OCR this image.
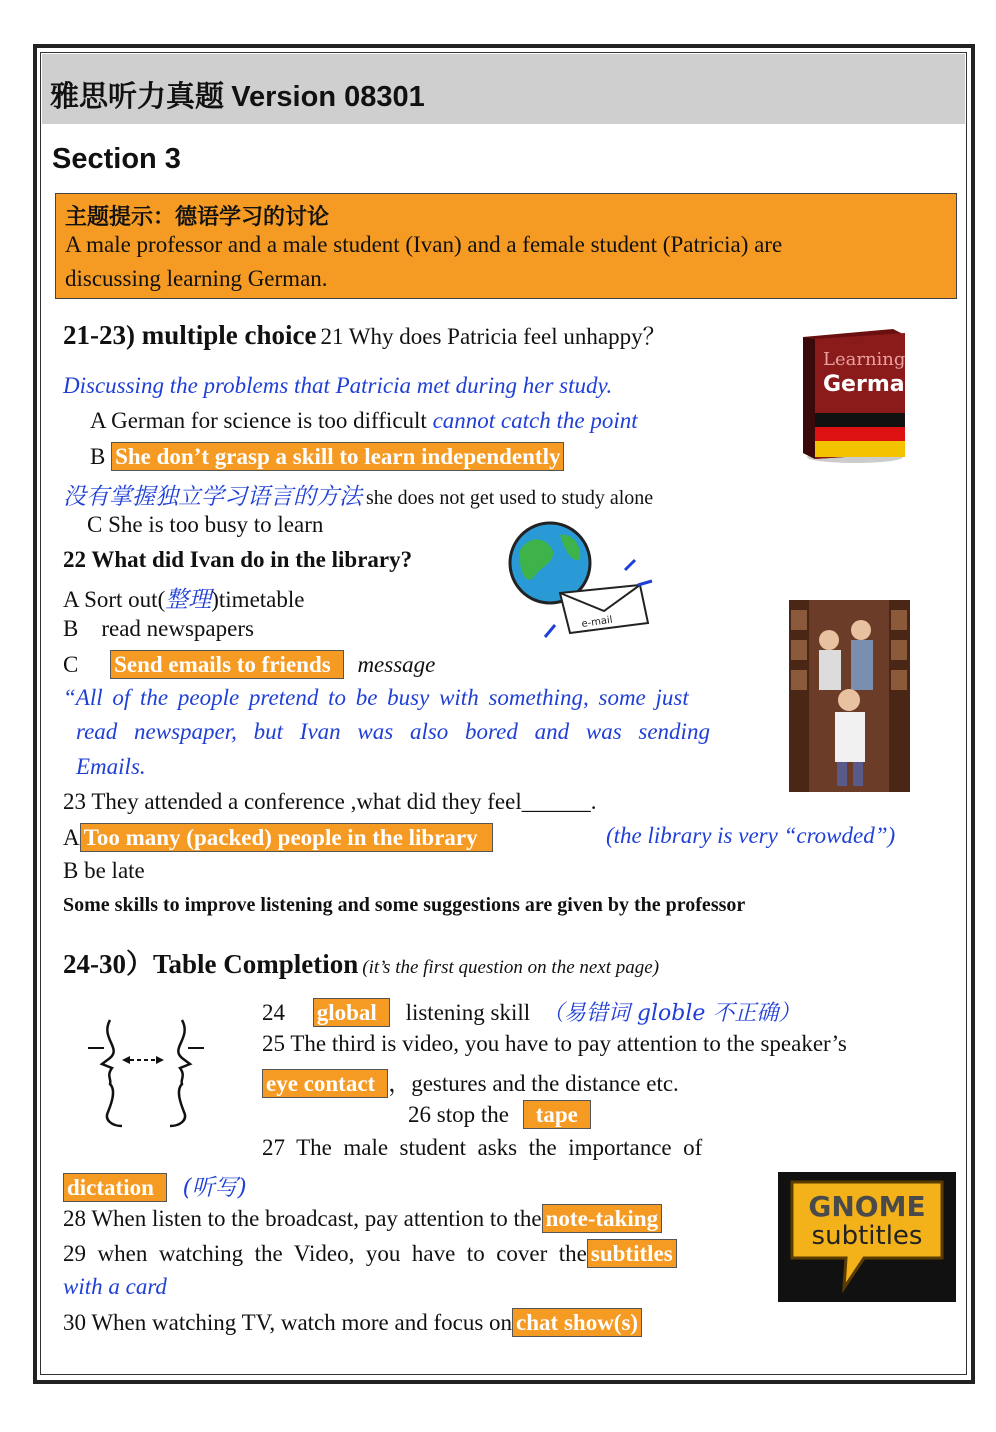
雅思听力真题 Version 08301
Section 3
主题提示：德语学习的讨论
A male professor and a male student (Ivan) and a female student (Patricia) are
discussing learning German.
21-23) multiple choice 21 Why does Patricia feel unhappy？
Discussing the problems that Patricia met during her study.
A German for science is too difficult cannot catch the point
B She don’t grasp a skill to learn independently
没有掌握独立学习语言的方法 she does not get used to study alone
C She is too busy to learn
22 What did Ivan do in the library?
A Sort out(整理)timetable
B    read newspapers
C Send emails to friends message
“All of the people pretend to be busy with something, some just
read newspaper, but Ivan was also bored and was sending
Emails.
23 They attended a conference ,what did they feel______.
A Too many (packed) people in the library	(the library is very “crowded”)
B be late
Some skills to improve listening and some suggestions are given by the professor
24-30）Table Completion (it’s the first question on the next page)
24 global listening skill （易错词 globle 不正确）
25 The third is video, you have to pay attention to the speaker’s
eye contact ，gestures and the distance etc.
26 stop the tape
27  The  male  student  asks  the  importance  of
dictation (听写)
28 When listen to the broadcast, pay attention to the note-taking
29  when  watching  the  Video,  you  have  to  cover  the subtitles
with a card
30 When watching TV, watch more and focus on chat show(s)
Learning
German
e-mail
GNOME
subtitles
